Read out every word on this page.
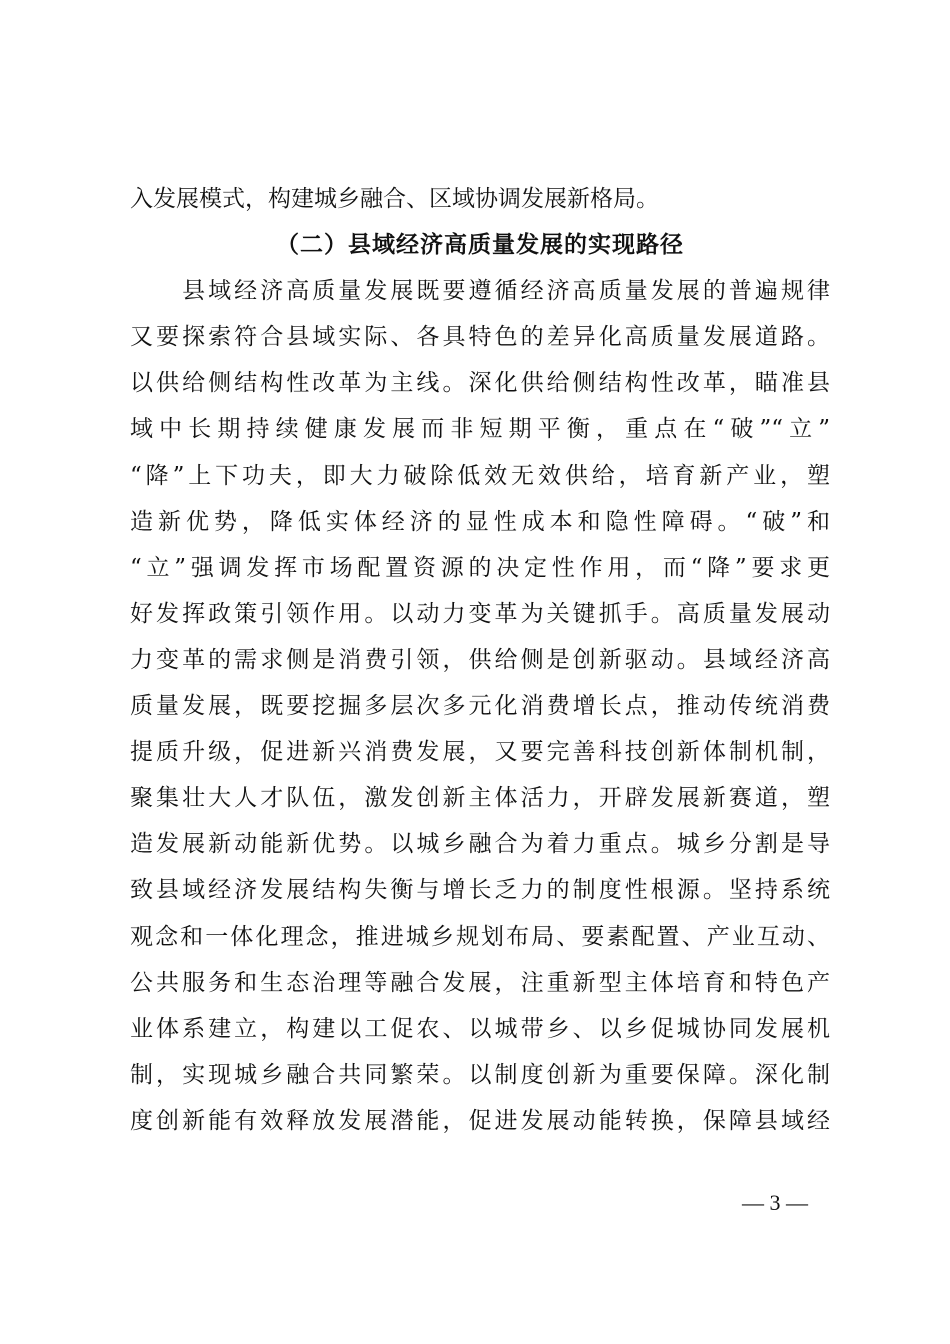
入发展模式，构建城乡融合、区域协调发展新格局。
（二）县域经济高质量发展的实现路径
　　县域经济高质量发展既要遵循经济高质量发展的普遍规律
又要探索符合县域实际、各具特色的差异化高质量发展道路。
以供给侧结构性改革为主线。深化供给侧结构性改革，瞄准县
域中长期持续健康发展而非短期平衡，重点在“破”“立”
“降”上下功夫，即大力破除低效无效供给，培育新产业，塑
造新优势，降低实体经济的显性成本和隐性障碍。“破”和
“立”强调发挥市场配置资源的决定性作用，而“降”要求更
好发挥政策引领作用。以动力变革为关键抓手。高质量发展动
力变革的需求侧是消费引领，供给侧是创新驱动。县域经济高
质量发展，既要挖掘多层次多元化消费增长点，推动传统消费
提质升级，促进新兴消费发展，又要完善科技创新体制机制，
聚集壮大人才队伍，激发创新主体活力，开辟发展新赛道，塑
造发展新动能新优势。以城乡融合为着力重点。城乡分割是导
致县域经济发展结构失衡与增长乏力的制度性根源。坚持系统
观念和一体化理念，推进城乡规划布局、要素配置、产业互动、
公共服务和生态治理等融合发展，注重新型主体培育和特色产
业体系建立，构建以工促农、以城带乡、以乡促城协同发展机
制，实现城乡融合共同繁荣。以制度创新为重要保障。深化制
度创新能有效释放发展潜能，促进发展动能转换，保障县域经
— 3 —
